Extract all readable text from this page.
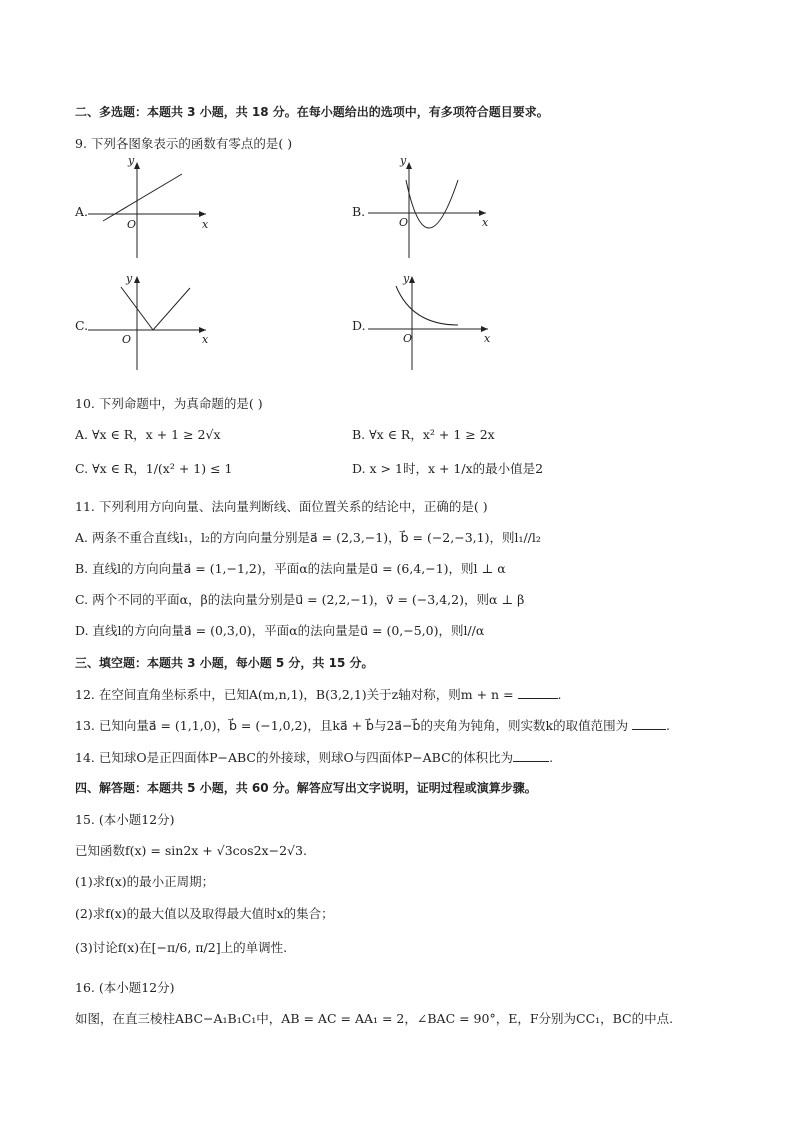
二、多选题：本题共 3 小题，共 18 分。在每小题给出的选项中，有多项符合题目要求。
9. 下列各图象表示的函数有零点的是( )
A.	B.
C.	D.
y
x
O
y
x
O
y
x
O
y
x
O
10. 下列命题中，为真命题的是( )
A. ∀x ∈ R，x + 1 ≥ 2√x	B. ∀x ∈ R，x² + 1 ≥ 2x
C. ∀x ∈ R，1/(x² + 1) ≤ 1	D. x > 1时，x + 1/x的最小值是2
11. 下列利用方向向量、法向量判断线、面位置关系的结论中，正确的是( )
A. 两条不重合直线l₁，l₂的方向向量分别是a⃗ = (2,3,−1)，b⃗ = (−2,−3,1)，则l₁//l₂
B. 直线l的方向向量a⃗ = (1,−1,2)，平面α的法向量是u⃗ = (6,4,−1)，则l ⊥ α
C. 两个不同的平面α，β的法向量分别是u⃗ = (2,2,−1)，v⃗ = (−3,4,2)，则α ⊥ β
D. 直线l的方向向量a⃗ = (0,3,0)，平面α的法向量是u⃗ = (0,−5,0)，则l//α
三、填空题：本题共 3 小题，每小题 5 分，共 15 分。
12. 在空间直角坐标系中，已知A(m,n,1)，B(3,2,1)关于z轴对称，则m + n =	.
13. 已知向量a⃗ = (1,1,0)，b⃗ = (−1,0,2)，且ka⃗ + b⃗与2a⃗−b⃗的夹角为钝角，则实数k的取值范围为	.
14. 已知球O是正四面体P−ABC的外接球，则球O与四面体P−ABC的体积比为	.
四、解答题：本题共 5 小题，共 60 分。解答应写出文字说明，证明过程或演算步骤。
15. (本小题12分)
已知函数f(x) = sin2x + √3cos2x−2√3.
(1)求f(x)的最小正周期；
(2)求f(x)的最大值以及取得最大值时x的集合；
(3)讨论f(x)在[−π/6, π/2]上的单调性.
16. (本小题12分)
如图，在直三棱柱ABC−A₁B₁C₁中，AB = AC = AA₁ = 2，∠BAC = 90°，E，F分别为CC₁，BC的中点.
